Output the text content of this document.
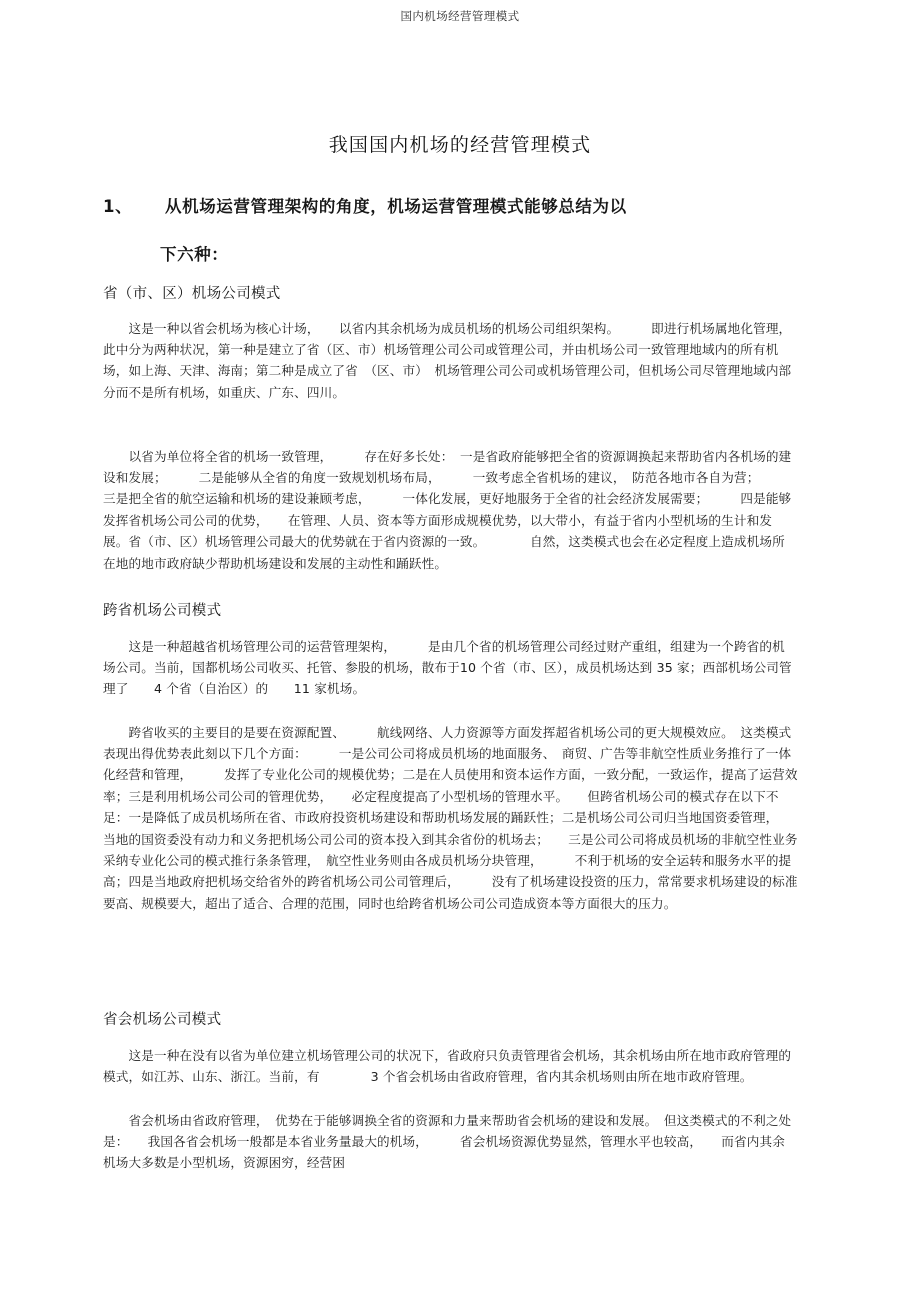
国内机场经营管理模式
我国国内机场的经营管理模式
1、 从机场运营管理架构的角度，机场运营管理模式能够总结为以
下六种：
省（市、区）机场公司模式

　　这是一种以省会机场为核心计场，　　以省内其余机场为成员机场的机场公司组织架构。　　　即进行机场属地化管理，此中分为两种状况，第一种是建立了省（区、市）机场管理公司公司或管理公司，并由机场公司一致管理地域内的所有机场，如上海、天津、海南；第二种是成立了省　（区、市）　机场管理公司公司或机场管理公司，但机场公司尽管理地域内部分而不是所有机场，如重庆、广东、四川。

　　以省为单位将全省的机场一致管理，　　　存在好多长处：　一是省政府能够把全省的资源调换起来帮助省内各机场的建设和发展；　　　二是能够从全省的角度一致规划机场布局，　　　一致考虑全省机场的建议，　防范各地市各自为营；　　　三是把全省的航空运输和机场的建设兼顾考虑，　　　一体化发展，更好地服务于全省的社会经济发展需要；　　　四是能够发挥省机场公司公司的优势，　　在管理、人员、资本等方面形成规模优势，以大带小，有益于省内小型机场的生计和发展。省（市、区）机场管理公司最大的优势就在于省内资源的一致。　　　　自然，这类模式也会在必定程度上造成机场所在地的地市政府缺少帮助机场建设和发展的主动性和踊跃性。

跨省机场公司模式

　　这是一种超越省机场管理公司的运营管理架构，　　　是由几个省的机场管理公司经过财产重组，组建为一个跨省的机场公司。当前，国都机场公司收买、托管、参股的机场，散布于10 个省（市、区），成员机场达到 35 家；西部机场公司管理了　　4 个省（自治区）的　　11 家机场。

　　跨省收买的主要目的是要在资源配置、　　　航线网络、人力资源等方面发挥超省机场公司的更大规模效应。　这类模式表现出得优势表此刻以下几个方面：　　　一是公司公司将成员机场的地面服务、　商贸、广告等非航空性质业务推行了一体化经营和管理，　　　发挥了专业化公司的规模优势；二是在人员使用和资本运作方面，一致分配，一致运作，提高了运营效率；三是利用机场公司公司的管理优势，　　必定程度提高了小型机场的管理水平。　　但跨省机场公司的模式存在以下不足：一是降低了成员机场所在省、市政府投资机场建设和帮助机场发展的踊跃性；二是机场公司公司归当地国资委管理，　　　当地的国资委没有动力和义务把机场公司公司的资本投入到其余省份的机场去；　　三是公司公司将成员机场的非航空性业务采纳专业化公司的模式推行条条管理，　航空性业务则由各成员机场分块管理，　　　不利于机场的安全运转和服务水平的提高；四是当地政府把机场交给省外的跨省机场公司公司管理后，　　　没有了机场建设投资的压力，常常要求机场建设的标准要高、规模要大，超出了适合、合理的范围，同时也给跨省机场公司公司造成资本等方面很大的压力。

省会机场公司模式

　　这是一种在没有以省为单位建立机场管理公司的状况下，省政府只负责管理省会机场，其余机场由所在地市政府管理的模式，如江苏、山东、浙江。当前，有　　　　3 个省会机场由省政府管理，省内其余机场则由所在地市政府管理。

　　省会机场由省政府管理，　优势在于能够调换全省的资源和力量来帮助省会机场的建设和发展。　但这类模式的不利之处是：　　我国各省会机场一般都是本省业务量最大的机场，　　　省会机场资源优势显然，管理水平也较高，　　而省内其余机场大多数是小型机场，资源困穷，经营困
